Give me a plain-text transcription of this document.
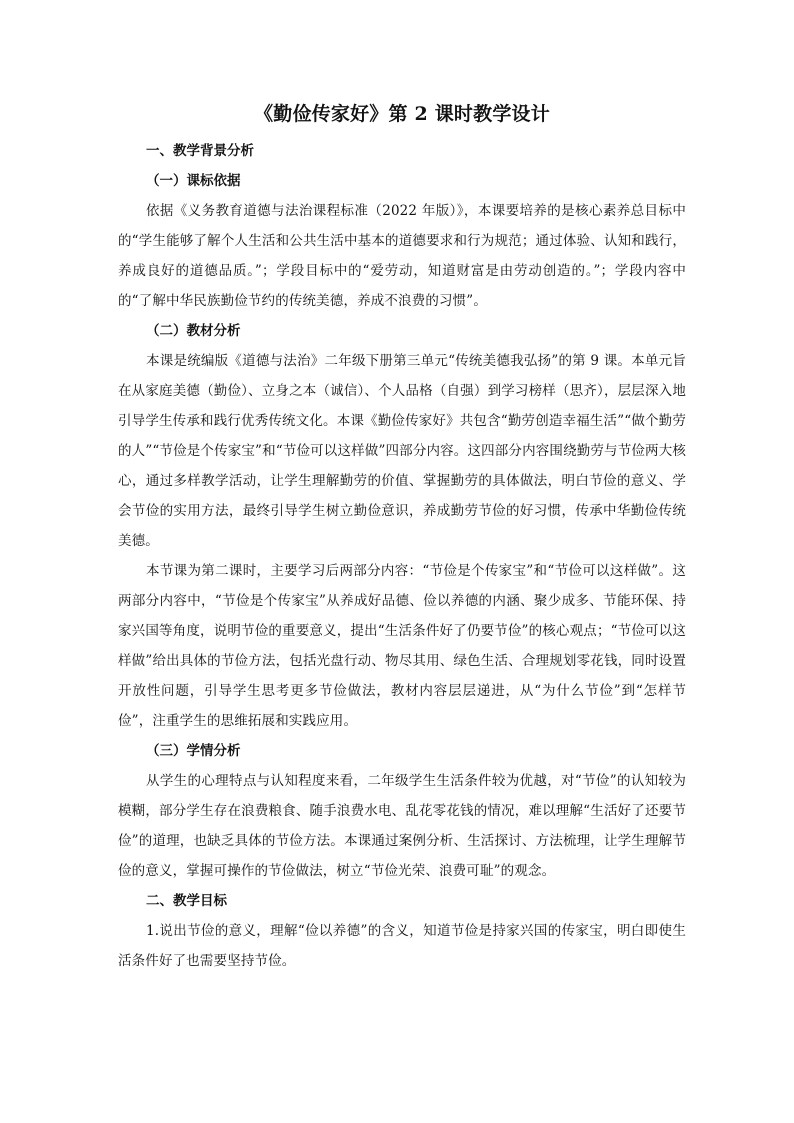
《勤俭传家好》第 2 课时教学设计

一、教学背景分析

（一）课标依据

依据《义务教育道德与法治课程标准（2022 年版）》，本课要培养的是核心素养总目标中的“学生能够了解个人生活和公共生活中基本的道德要求和行为规范；通过体验、认知和践行，养成良好的道德品质。”；学段目标中的“爱劳动，知道财富是由劳动创造的。”；学段内容中的“了解中华民族勤俭节约的传统美德，养成不浪费的习惯”。

（二）教材分析

本课是统编版《道德与法治》二年级下册第三单元“传统美德我弘扬”的第 9 课。本单元旨在从家庭美德（勤俭）、立身之本（诚信）、个人品格（自强）到学习榜样（思齐），层层深入地引导学生传承和践行优秀传统文化。本课《勤俭传家好》共包含“勤劳创造幸福生活”“做个勤劳的人”“节俭是个传家宝”和“节俭可以这样做”四部分内容。这四部分内容围绕勤劳与节俭两大核心，通过多样教学活动，让学生理解勤劳的价值、掌握勤劳的具体做法，明白节俭的意义、学会节俭的实用方法，最终引导学生树立勤俭意识，养成勤劳节俭的好习惯，传承中华勤俭传统美德。

本节课为第二课时，主要学习后两部分内容：“节俭是个传家宝”和“节俭可以这样做”。这两部分内容中，“节俭是个传家宝”从养成好品德、俭以养德的内涵、聚少成多、节能环保、持家兴国等角度，说明节俭的重要意义，提出“生活条件好了仍要节俭”的核心观点；“节俭可以这样做”给出具体的节俭方法，包括光盘行动、物尽其用、绿色生活、合理规划零花钱，同时设置开放性问题，引导学生思考更多节俭做法，教材内容层层递进，从“为什么节俭”到“怎样节俭”，注重学生的思维拓展和实践应用。

（三）学情分析

从学生的心理特点与认知程度来看，二年级学生生活条件较为优越，对“节俭”的认知较为模糊，部分学生存在浪费粮食、随手浪费水电、乱花零花钱的情况，难以理解“生活好了还要节俭”的道理，也缺乏具体的节俭方法。本课通过案例分析、生活探讨、方法梳理，让学生理解节俭的意义，掌握可操作的节俭做法，树立“节俭光荣、浪费可耻”的观念。

二、教学目标

1.说出节俭的意义，理解“俭以养德”的含义，知道节俭是持家兴国的传家宝，明白即使生活条件好了也需要坚持节俭。
